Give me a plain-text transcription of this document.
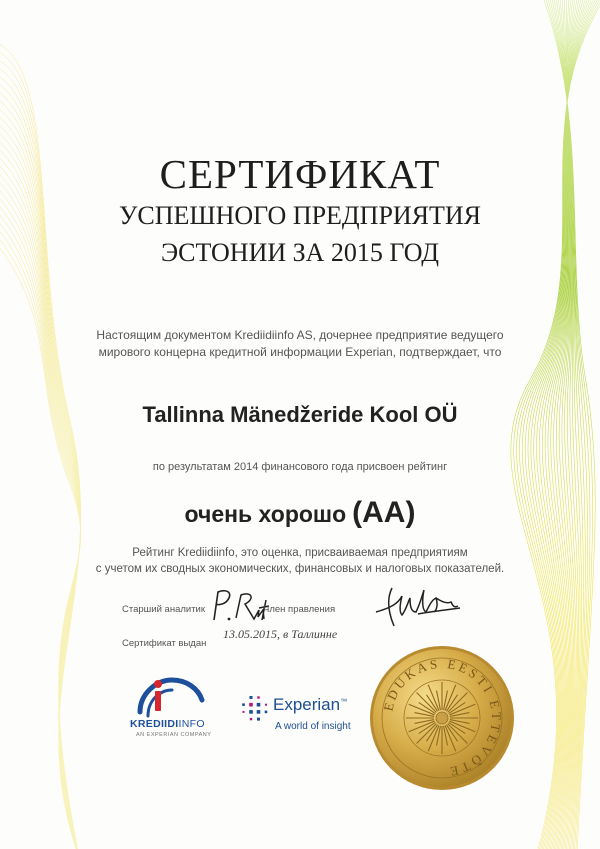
СЕРТИФИКАТ
УСПЕШНОГО ПРЕДПРИЯТИЯ
ЭСТОНИИ ЗА 2015 ГОД
Настоящим документом Krediidiinfo AS, дочернее предприятие ведущего
мирового концерна кредитной информации Experian, подтверждает, что
Tallinna Mänedžeride Kool OÜ
по результатам 2014 финансового года присвоен рейтинг
очень хорошо (AA)
Рейтинг Krediidiinfo, это оценка, присваиваемая предприятиям
с учетом их сводных экономических, финансовых и налоговых показателей.
Старший аналитик	Член правления
Сертификат выдан
13.05.2015, в Таллинне
KREDIIDIINFO
AN EXPERIAN COMPANY
Experian™
A world of insight
EDUKAS EESTI ETTEVÕTE
